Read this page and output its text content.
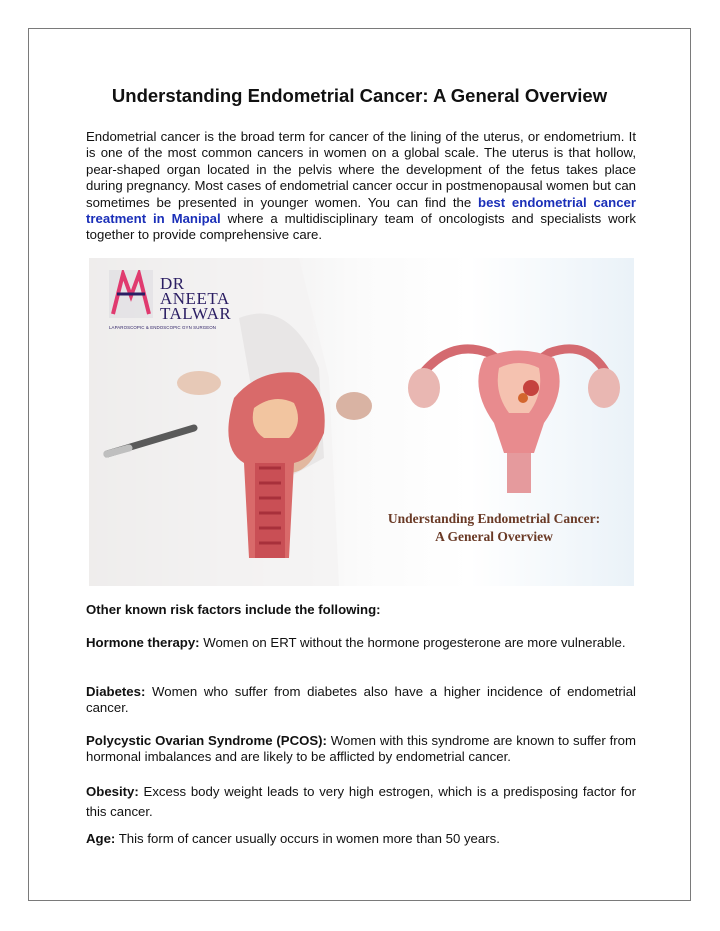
Understanding Endometrial Cancer: A General Overview

Endometrial cancer is the broad term for cancer of the lining of the uterus, or endometrium. It is one of the most common cancers in women on a global scale. The uterus is that hollow, pear-shaped organ located in the pelvis where the development of the fetus takes place during pregnancy. Most cases of endometrial cancer occur in postmenopausal women but can sometimes be presented in younger women. You can find the best endometrial cancer treatment in Manipal where a multidisciplinary team of oncologists and specialists work together to provide comprehensive care.

DR
ANEETA
TALWAR
LAPAROSCOPIC & ENDOSCOPIC GYN SURGEON
Understanding Endometrial Cancer:
A General Overview

Other known risk factors include the following:

Hormone therapy: Women on ERT without the hormone progesterone are more vulnerable.

Diabetes: Women who suffer from diabetes also have a higher incidence of endometrial cancer.

Polycystic Ovarian Syndrome (PCOS): Women with this syndrome are known to suffer from hormonal imbalances and are likely to be afflicted by endometrial cancer.

Obesity: Excess body weight leads to very high estrogen, which is a predisposing factor for this cancer.

Age: This form of cancer usually occurs in women more than 50 years.
